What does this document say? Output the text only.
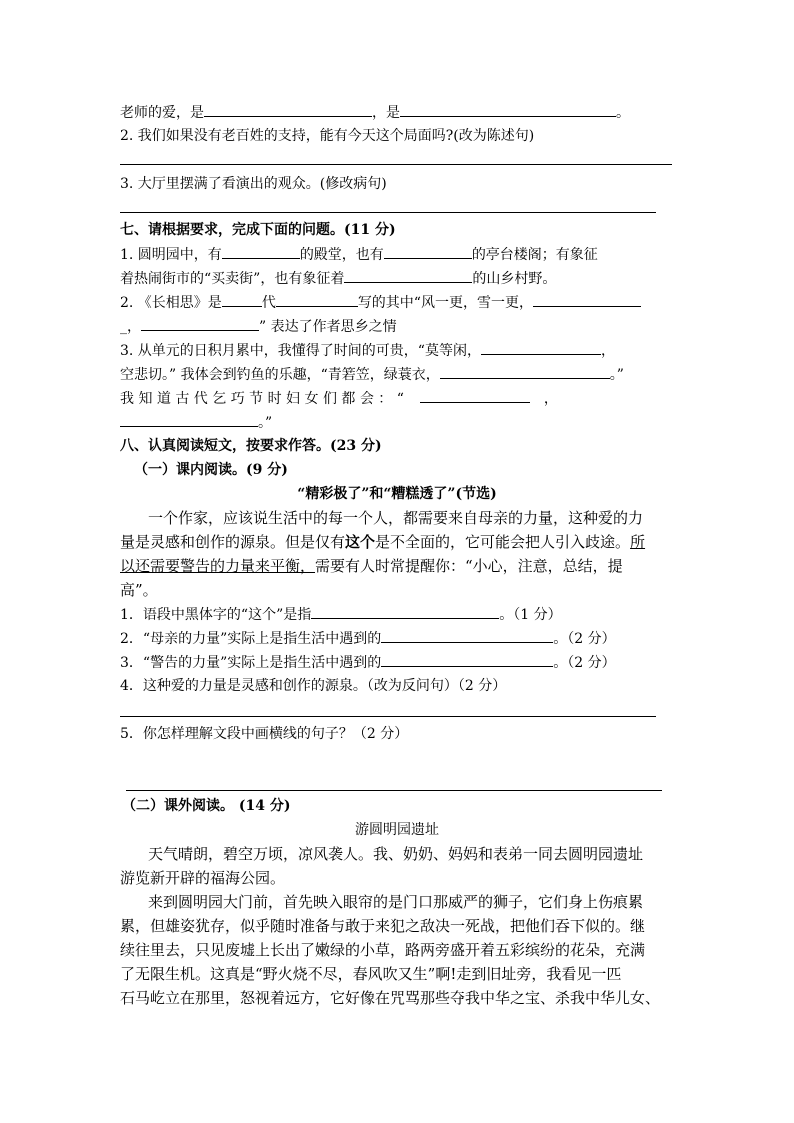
老师的爱，是	，是	。
2. 我们如果没有老百姓的支持，能有今天这个局面吗?(改为陈述句)
3. 大厅里摆满了看演出的观众。(修改病句)
七、请根据要求，完成下面的问题。(11 分)
1. 圆明园中，有	的殿堂，也有	的亭台楼阁；有象征
着热闹街市的“买卖街”，也有象征着	的山乡村野。
2. 《长相思》是	代	写的其中“风一更，雪一更，
_，	” 表达了作者思乡之情
3. 从单元的日积月累中，我懂得了时间的可贵，“莫等闲，	，
空悲切。” 我体会到钓鱼的乐趣，“青箬笠，绿蓑衣，	。”
我 知 道 古 代 乞 巧 节 时 妇 女 们 都 会 ： “	，
。”
八、认真阅读短文，按要求作答。(23 分)
（一）课内阅读。(9 分)
“精彩极了”和“糟糕透了”(节选)
一个作家，应该说生活中的每一个人，都需要来自母亲的力量，这种爱的力
量是灵感和创作的源泉。但是仅有这个是不全面的，它可能会把人引入歧途。所
以还需要警告的力量来平衡，需要有人时常提醒你：“小心，注意，总结，提
高”。
1．语段中黑体字的“这个”是指	。（1 分）
2．“母亲的力量”实际上是指生活中遇到的	。（2 分）
3．“警告的力量”实际上是指生活中遇到的	。（2 分）
4．这种爱的力量是灵感和创作的源泉。（改为反问句）（2 分）
5．你怎样理解文段中画横线的句子？（2 分）
（二）课外阅读。 (14 分)
游圆明园遗址
天气晴朗，碧空万顷，凉风袭人。我、奶奶、妈妈和表弟一同去圆明园遗址
游览新开辟的福海公园。
来到圆明园大门前，首先映入眼帘的是门口那威严的狮子，它们身上伤痕累
累，但雄姿犹存，似乎随时准备与敢于来犯之敌决一死战，把他们吞下似的。继
续往里去，只见废墟上长出了嫩绿的小草，路两旁盛开着五彩缤纷的花朵，充满
了无限生机。这真是“野火烧不尽，春风吹又生”啊!走到旧址旁，我看见一匹
石马屹立在那里，怒视着远方，它好像在咒骂那些夺我中华之宝、杀我中华儿女、
